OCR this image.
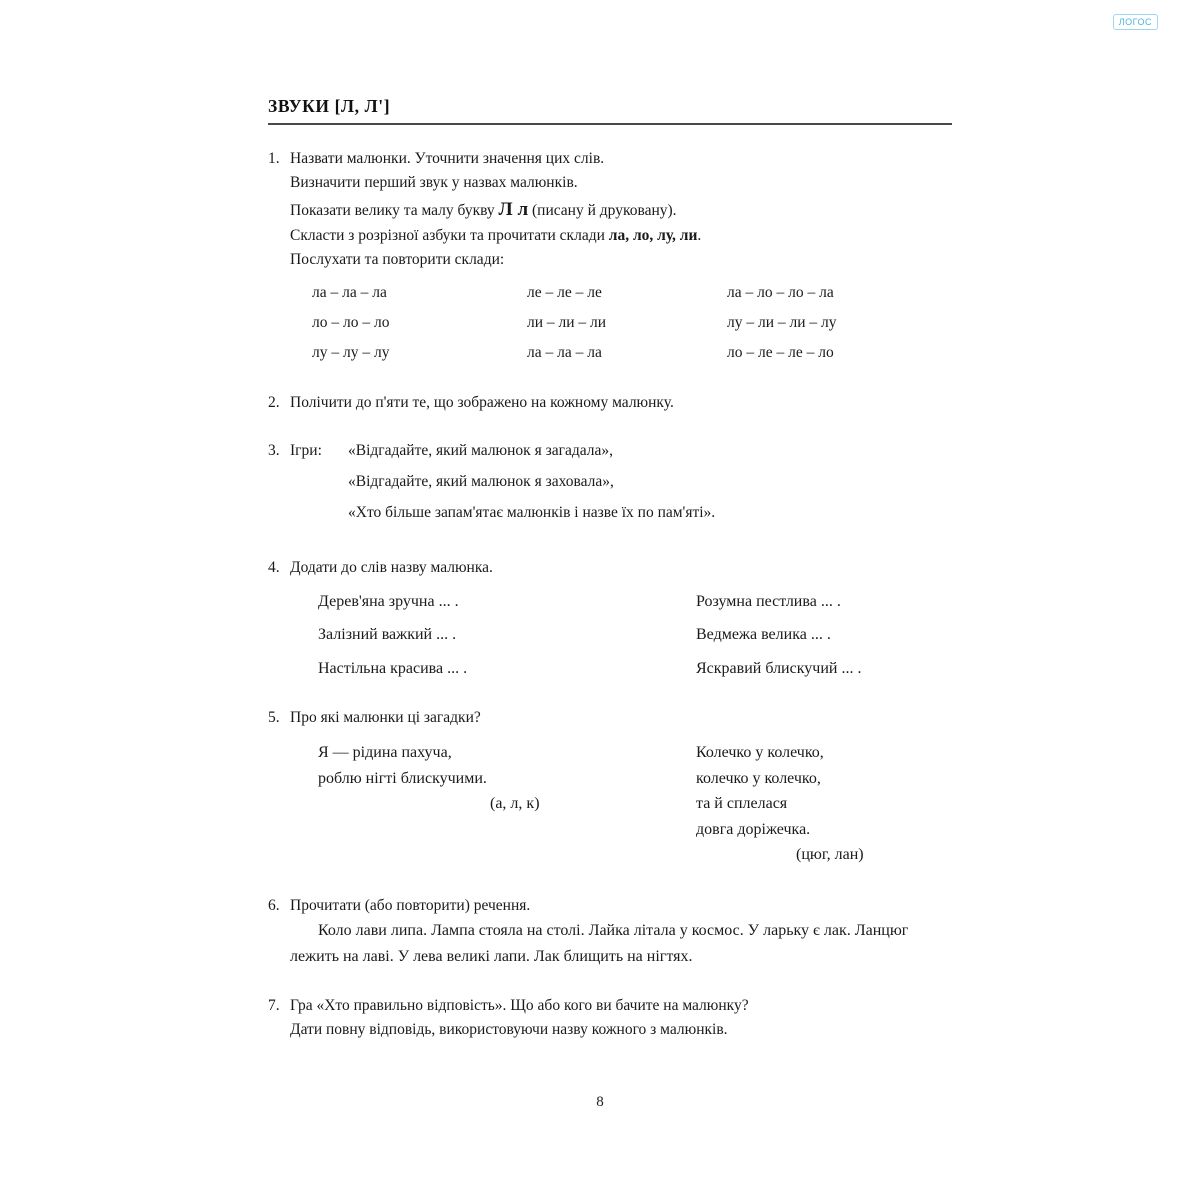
ЛОГОС
ЗВУКИ [Л, Л']
1. Назвати малюнки. Уточнити значення цих слів.

Визначити перший звук у назвах малюнків.

Показати велику та малу букву Л л (писану й друковану).

Скласти з розрізної азбуки та прочитати склади ла, ло, лу, ли.

Послухати та повторити склади:

ла – ла – ла	ле – ле – ле	ла – ло – ло – ла
ло – ло – ло	ли – ли – ли	лу – ли – ли – лу
лу – лу – лу	ла – ла – ла	ло – ле – ле – ло
2. Полічити до п'яти те, що зображено на кожному малюнку.

3. Ігри:	«Відгадайте, який малюнок я загадала»,

«Відгадайте, який малюнок я заховала»,

«Хто більше запам'ятає малюнків і назве їх по пам'яті».

4. Додати до слів назву малюнка.

Дерев'яна зручна ... .	Розумна пестлива ... .
Залізний важкий ... .	Ведмежа велика ... .
Настільна красива ... .	Яскравий блискучий ... .
5. Про які малюнки ці загадки?

Я — рідина пахуча,

роблю нігті блискучими.

(а, л, к)

Колечко у колечко,

колечко у колечко,

та й сплелася

довга доріжечка.

(цюг, лан)

6. Прочитати (або повторити) речення.

Коло лави липа. Лампа стояла на столі. Лайка літала у космос. У ларьку є лак. Ланцюг лежить на лаві. У лева великі лапи. Лак блищить на нігтях.

7. Гра «Хто правильно відповість». Що або кого ви бачите на малюнку?

Дати повну відповідь, використовуючи назву кожного з малюнків.

8
